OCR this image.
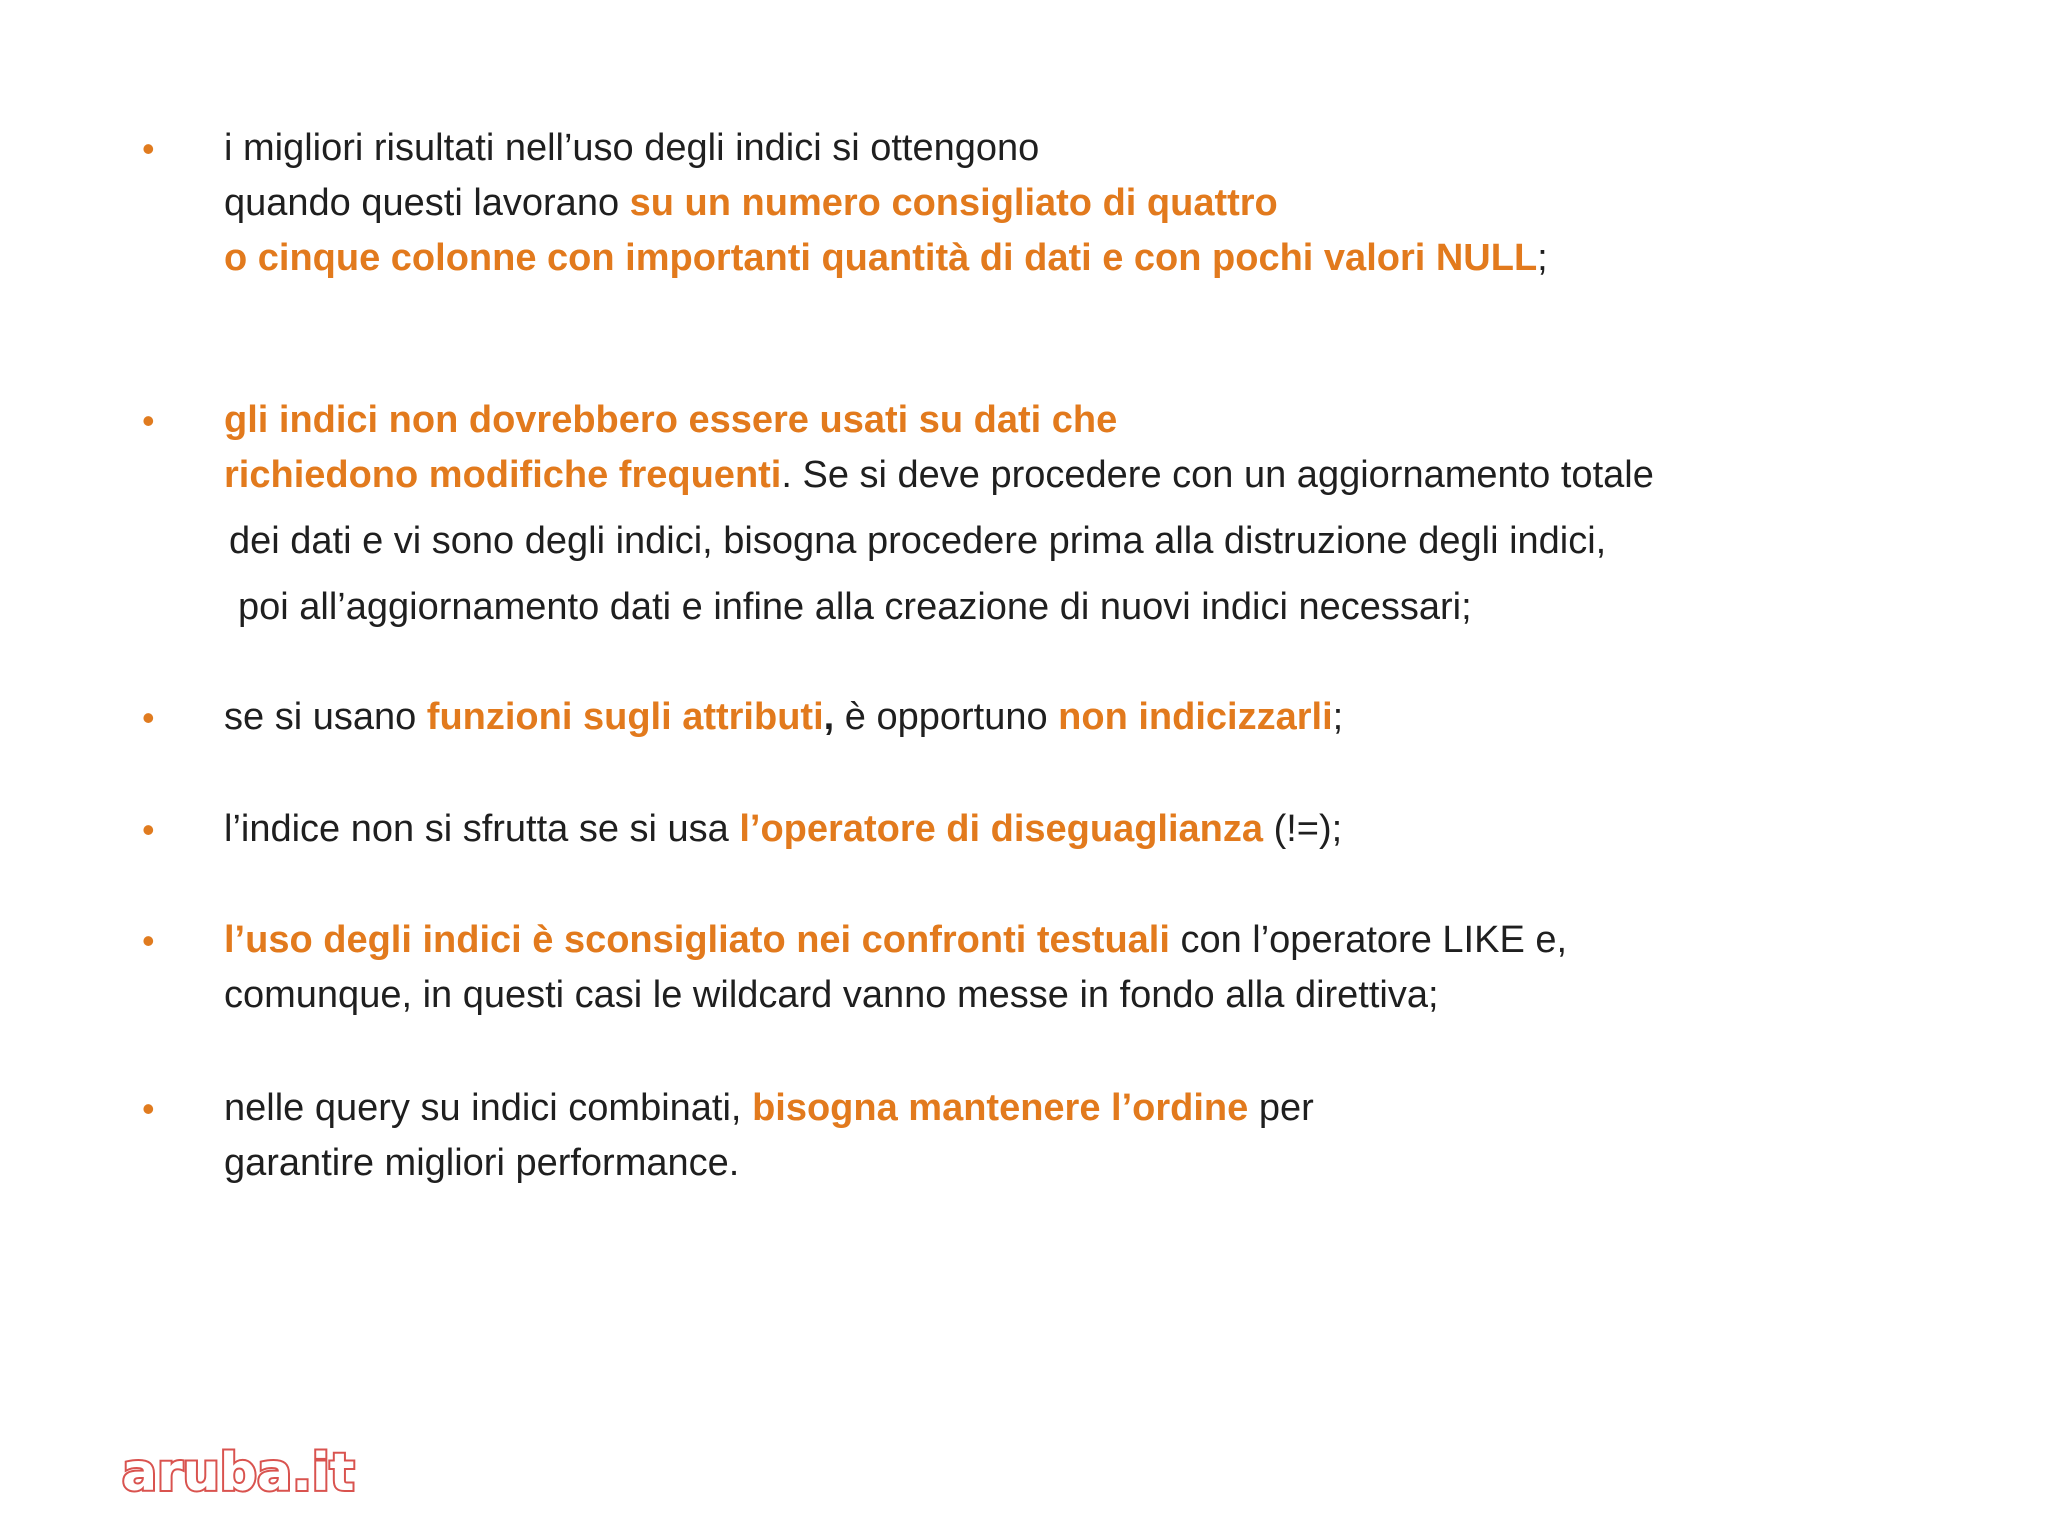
• i migliori risultati nell’uso degli indici si ottengono
quando questi lavorano su un numero consigliato di quattro
o cinque colonne con importanti quantità di dati e con pochi valori NULL;
• gli indici non dovrebbero essere usati su dati che
richiedono modifiche frequenti. Se si deve procedere con un aggiornamento totale
dei dati e vi sono degli indici, bisogna procedere prima alla distruzione degli indici,
poi all’aggiornamento dati e infine alla creazione di nuovi indici necessari;
• se si usano funzioni sugli attributi, è opportuno non indicizzarli;
• l’indice non si sfrutta se si usa l’operatore di diseguaglianza (!=);
• l’uso degli indici è sconsigliato nei confronti testuali con l’operatore LIKE e,
comunque, in questi casi le wildcard vanno messe in fondo alla direttiva;
• nelle query su indici combinati, bisogna mantenere l’ordine per
garantire migliori performance.
aruba.it
